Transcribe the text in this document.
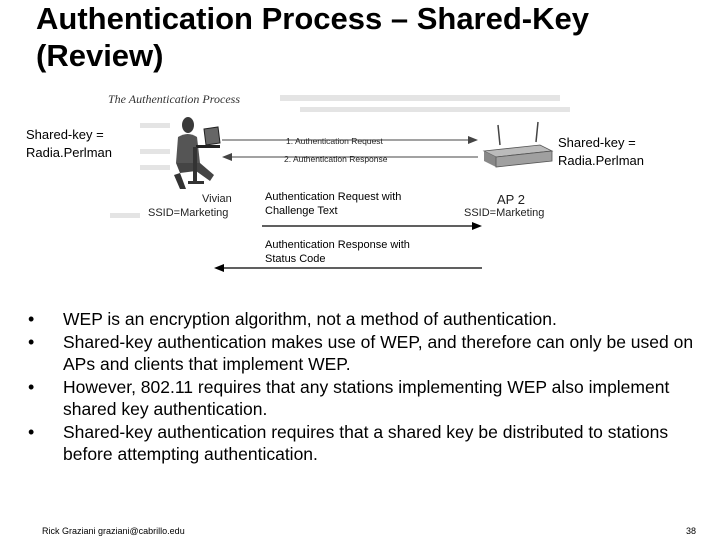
Authentication Process – Shared-Key (Review)
The Authentication Process
Shared-key =
Radia.Perlman
Shared-key =
Radia.Perlman
1. Authentication Request
2. Authentication Response
Vivian
SSID=Marketing
AP 2
SSID=Marketing
Authentication Request with
Challenge Text
Authentication Response with
Status Code
• WEP is an encryption algorithm, not a method of authentication.
• Shared-key authentication makes use of WEP, and therefore can only be used on APs and clients that implement WEP.
• However, 802.11 requires that any stations implementing WEP also implement shared key authentication.
• Shared-key authentication requires that a shared key be distributed to stations before attempting authentication.
Rick Graziani graziani@cabrillo.edu	38
